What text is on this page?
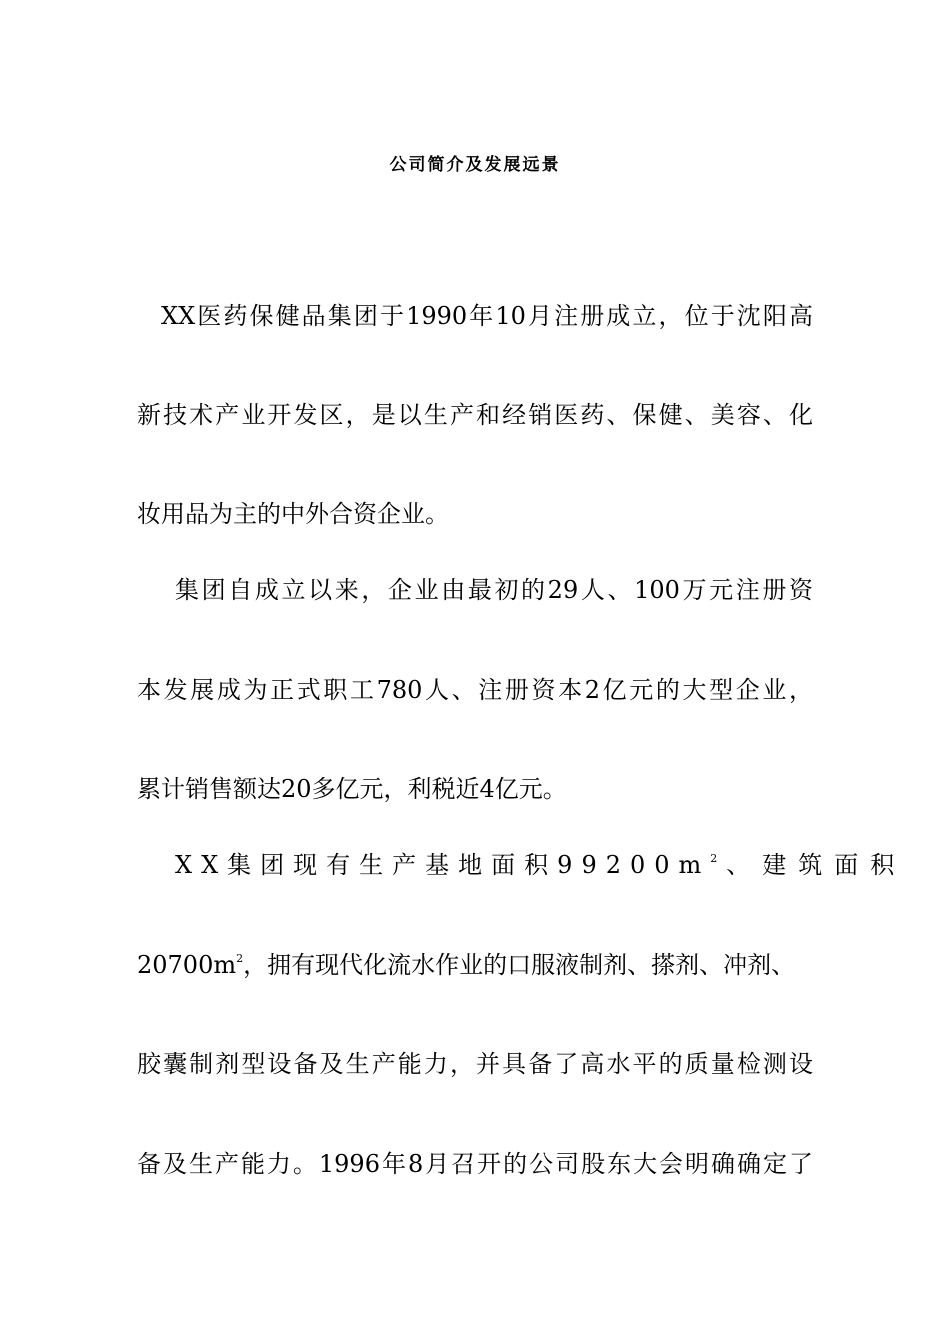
公司简介及发展远景
XX医药保健品集团于1990年10月注册成立，位于沈阳高
新技术产业开发区，是以生产和经销医药、保健、美容、化
妆用品为主的中外合资企业。
集团自成立以来，企业由最初的29人、100万元注册资
本发展成为正式职工780人、注册资本2亿元的大型企业，
累计销售额达20多亿元，利税近4亿元。
XX集团现有生产基地面积$99200m^2$ 、建筑面积
$20700m^2$，拥有现代化流水作业的口服液制剂、搽剂、冲剂、
胶囊制剂型设备及生产能力，并具备了高水平的质量检测设
备及生产能力。1996年8月召开的公司股东大会明确确定了
